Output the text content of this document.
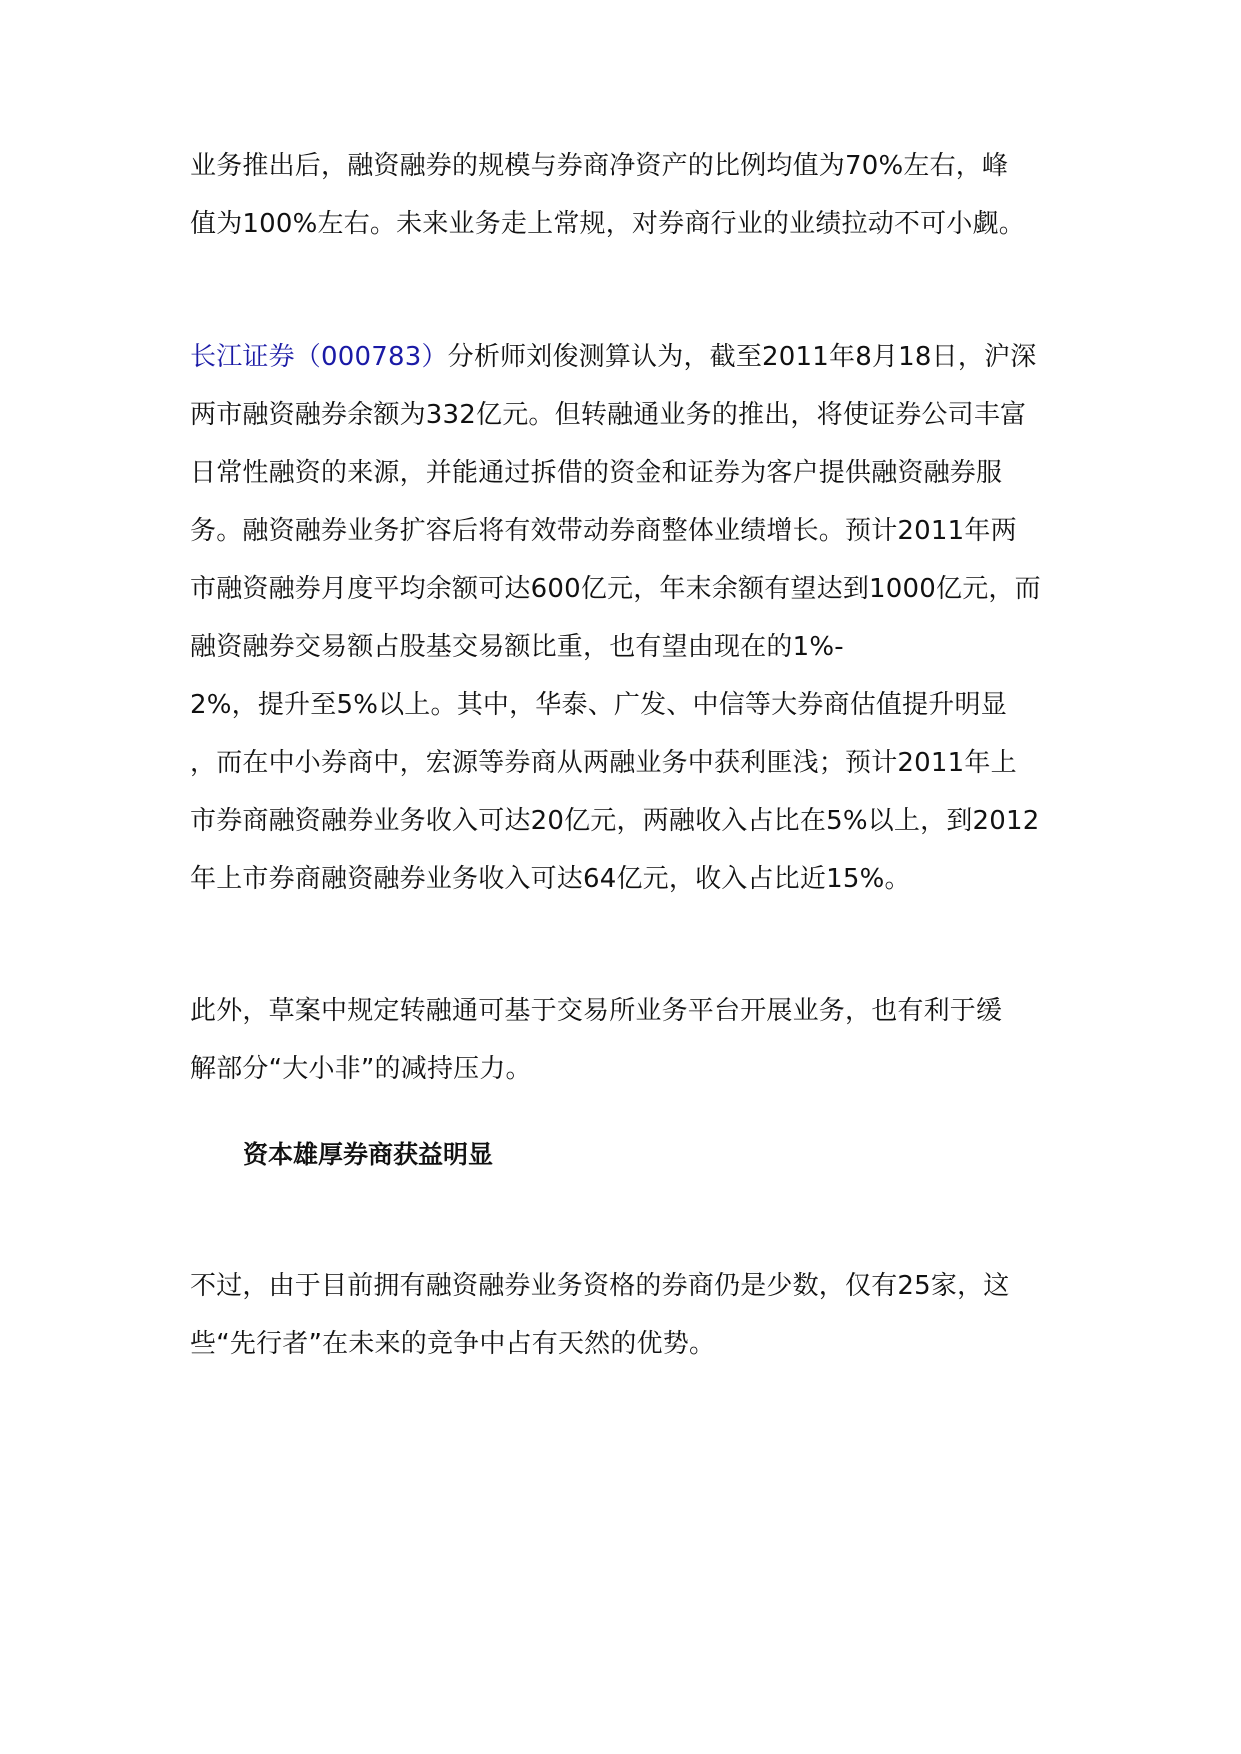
业务推出后，融资融券的规模与券商净资产的比例均值为70%左右，峰

值为100%左右。未来业务走上常规，对券商行业的业绩拉动不可小觑。

长江证券（000783）分析师刘俊测算认为，截至2011年8月18日，沪深

两市融资融券余额为332亿元。但转融通业务的推出，将使证券公司丰富

日常性融资的来源，并能通过拆借的资金和证券为客户提供融资融券服

务。融资融券业务扩容后将有效带动券商整体业绩增长。预计2011年两

市融资融券月度平均余额可达600亿元，年末余额有望达到1000亿元，而

融资融券交易额占股基交易额比重，也有望由现在的1%-

2%，提升至5%以上。其中，华泰、广发、中信等大券商估值提升明显

，而在中小券商中，宏源等券商从两融业务中获利匪浅；预计2011年上

市券商融资融券业务收入可达20亿元，两融收入占比在5%以上，到2012

年上市券商融资融券业务收入可达64亿元，收入占比近15%。

此外，草案中规定转融通可基于交易所业务平台开展业务，也有利于缓

解部分“大小非”的减持压力。

资本雄厚券商获益明显

不过，由于目前拥有融资融券业务资格的券商仍是少数，仅有25家，这

些“先行者”在未来的竞争中占有天然的优势。
